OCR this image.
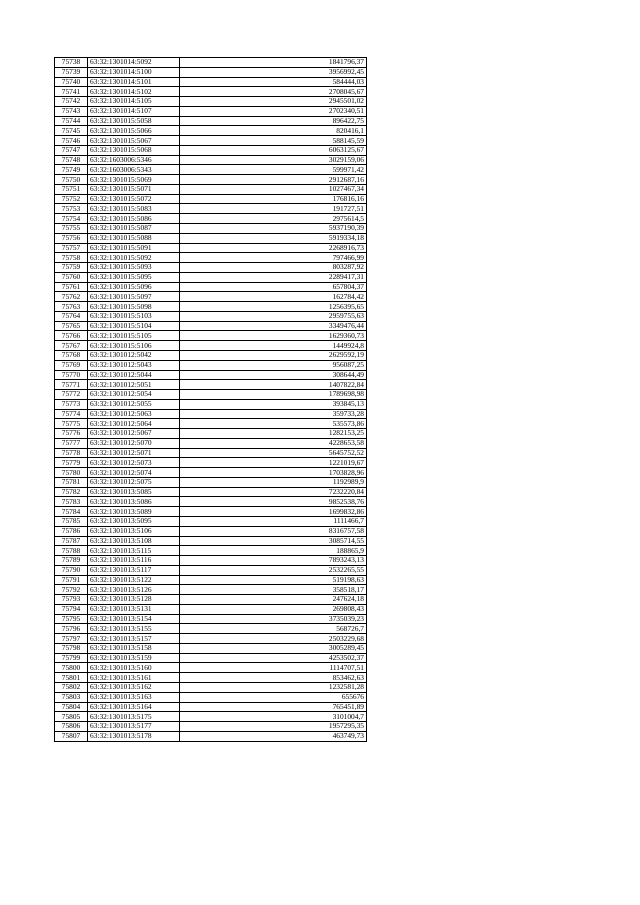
75738	63:32:1301014:5092	1841796,37
75739	63:32:1301014:5100	3956992,45
75740	63:32:1301014:5101	584444,03
75741	63:32:1301014:5102	2708045,67
75742	63:32:1301014:5105	2945501,02
75743	63:32:1301014:5107	2702340,51
75744	63:32:1301015:5058	896422,75
75745	63:32:1301015:5066	820416,1
75746	63:32:1301015:5067	588145,59
75747	63:32:1301015:5068	6063125,67
75748	63:32:1603006:5346	3029159,06
75749	63:32:1603006:5343	599971,42
75750	63:32:1301015:5069	2912687,16
75751	63:32:1301015:5071	1027467,34
75752	63:32:1301015:5072	176816,16
75753	63:32:1301015:5083	191727,51
75754	63:32:1301015:5086	2975614,5
75755	63:32:1301015:5087	5937190,39
75756	63:32:1301015:5088	5919334,18
75757	63:32:1301015:5091	2268916,73
75758	63:32:1301015:5092	797466,99
75759	63:32:1301015:5093	803287,92
75760	63:32:1301015:5095	2289417,31
75761	63:32:1301015:5096	657804,37
75762	63:32:1301015:5097	162784,42
75763	63:32:1301015:5098	1256395,65
75764	63:32:1301015:5103	2959755,63
75765	63:32:1301015:5104	3349476,44
75766	63:32:1301015:5105	1629360,73
75767	63:32:1301015:5106	1449924,8
75768	63:32:1301012:5042	2629592,19
75769	63:32:1301012:5043	956087,25
75770	63:32:1301012:5044	308644,49
75771	63:32:1301012:5051	1407822,84
75772	63:32:1301012:5054	1789698,98
75773	63:32:1301012:5055	393845,13
75774	63:32:1301012:5063	359733,28
75775	63:32:1301012:5064	535573,86
75776	63:32:1301012:5067	1282153,25
75777	63:32:1301012:5070	4228653,58
75778	63:32:1301012:5071	5645752,52
75779	63:32:1301012:5073	1221019,67
75780	63:32:1301012:5074	1703828,96
75781	63:32:1301012:5075	1192989,9
75782	63:32:1301013:5085	7232220,84
75783	63:32:1301013:5086	9852538,76
75784	63:32:1301013:5089	1699832,86
75785	63:32:1301013:5095	1111466,7
75786	63:32:1301013:5106	8316757,58
75787	63:32:1301013:5108	3085714,55
75788	63:32:1301013:5115	188865,9
75789	63:32:1301013:5116	7893243,13
75790	63:32:1301013:5117	2532265,55
75791	63:32:1301013:5122	519198,63
75792	63:32:1301013:5126	358518,17
75793	63:32:1301013:5128	247624,18
75794	63:32:1301013:5131	269808,43
75795	63:32:1301013:5154	3735039,23
75796	63:32:1301013:5155	568726,7
75797	63:32:1301013:5157	2503229,68
75798	63:32:1301013:5158	3005289,45
75799	63:32:1301013:5159	4253502,37
75800	63:32:1301013:5160	1114707,51
75801	63:32:1301013:5161	853462,63
75802	63:32:1301013:5162	1232581,28
75803	63:32:1301013:5163	655676
75804	63:32:1301013:5164	765451,89
75805	63:32:1301013:5175	3101004,7
75806	63:32:1301013:5177	1957295,35
75807	63:32:1301013:5178	463749,73
